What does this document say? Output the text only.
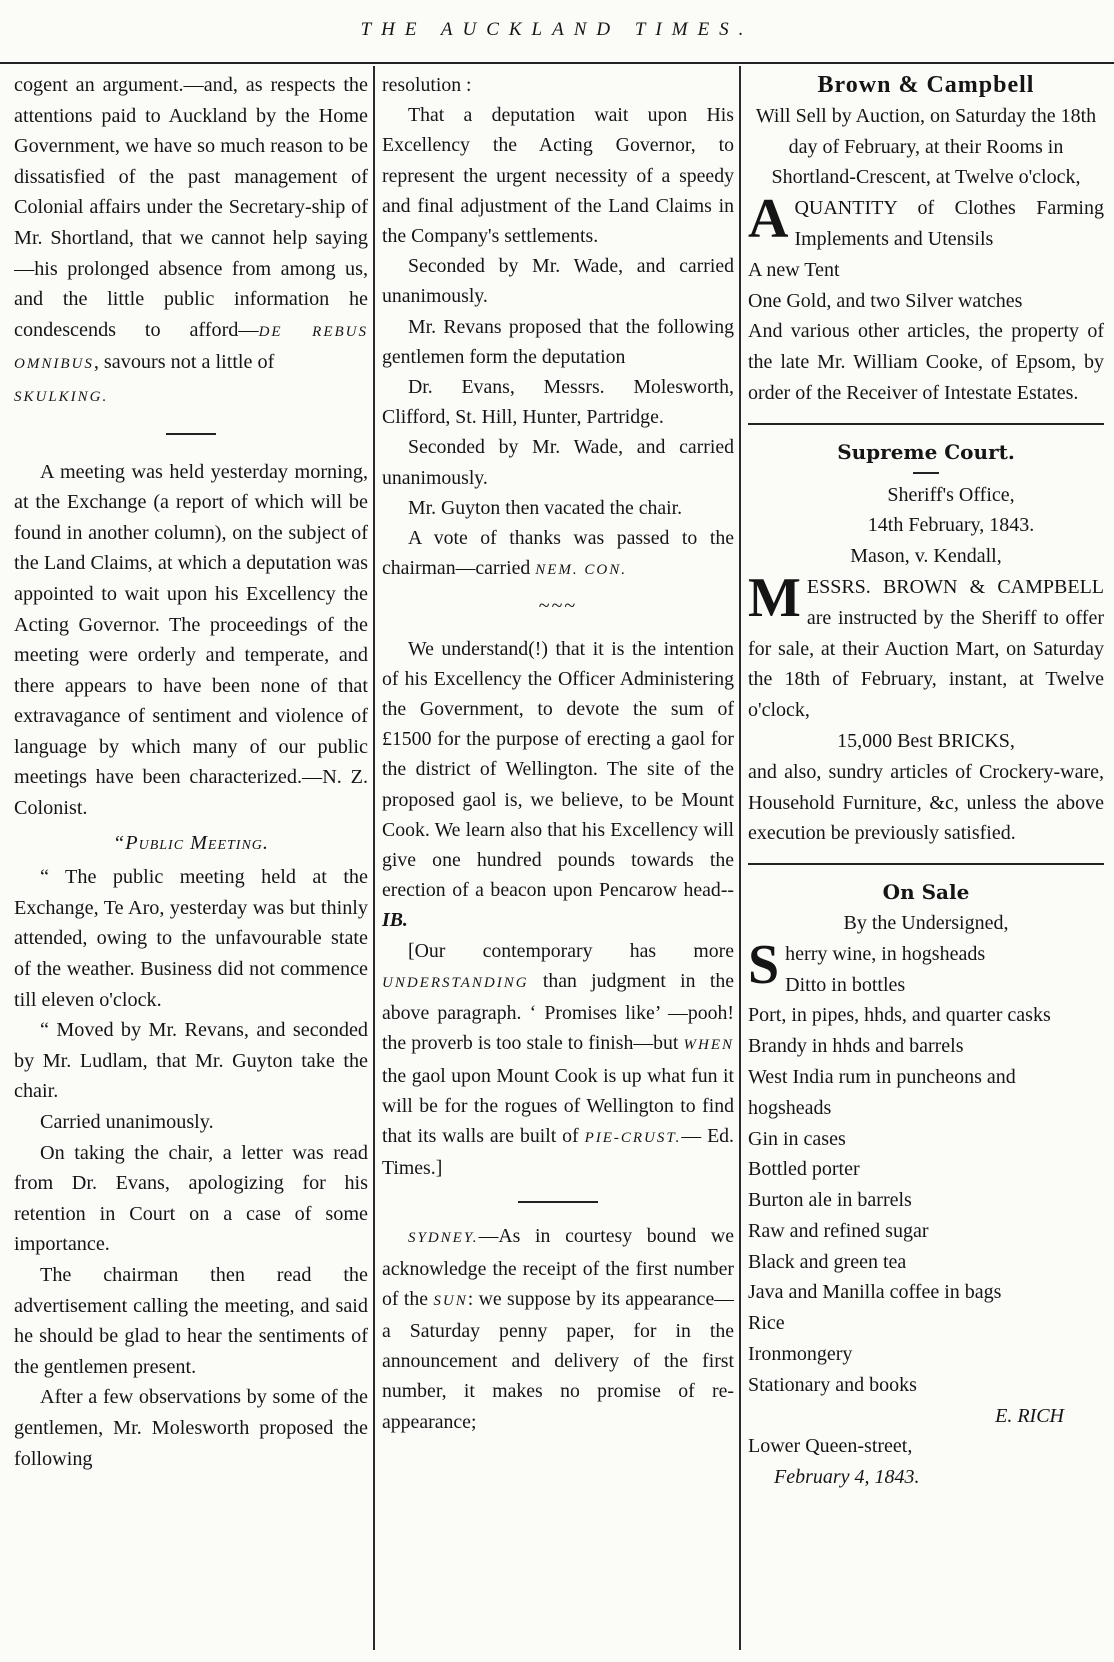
THE AUCKLAND TIMES.

cogent an argument.—and, as respects the attentions paid to Auckland by the Home Government, we have so much reason to be dissatisfied of the past management of Colonial affairs under the Secretary-ship of Mr. Shortland, that we cannot help saying—his prolonged absence from among us, and the little public information he condescends to afford—DE REBUS OMNIBUS, savours not a little of

SKULKING.

A meeting was held yesterday morning, at the Exchange (a report of which will be found in another column), on the subject of the Land Claims, at which a deputation was appointed to wait upon his Excellency the Acting Governor. The proceedings of the meeting were orderly and temperate, and there appears to have been none of that extravagance of sentiment and violence of language by which many of our public meetings have been characterized.—N. Z. Colonist.

“Public Meeting.

“ The public meeting held at the Exchange, Te Aro, yesterday was but thinly attended, owing to the unfavourable state of the weather. Business did not commence till eleven o'clock.

“ Moved by Mr. Revans, and seconded by Mr. Ludlam, that Mr. Guyton take the chair.

Carried unanimously.

On taking the chair, a letter was read from Dr. Evans, apologizing for his retention in Court on a case of some importance.

The chairman then read the advertisement calling the meeting, and said he should be glad to hear the sentiments of the gentlemen present.

After a few observations by some of the gentlemen, Mr. Molesworth proposed the following

resolution :

That a deputation wait upon His Excellency the Acting Governor, to represent the urgent necessity of a speedy and final adjustment of the Land Claims in the Company's settlements.

Seconded by Mr. Wade, and carried unanimously.

Mr. Revans proposed that the following gentlemen form the deputation

Dr. Evans, Messrs. Molesworth, Clifford, St. Hill, Hunter, Partridge.

Seconded by Mr. Wade, and carried unanimously.

Mr. Guyton then vacated the chair.

A vote of thanks was passed to the chairman—carried NEM. CON.

~~~

We understand(!) that it is the intention of his Excellency the Officer Administering the Government, to devote the sum of £1500 for the purpose of erecting a gaol for the district of Wellington. The site of the proposed gaol is, we believe, to be Mount Cook. We learn also that his Excellency will give one hundred pounds towards the erection of a beacon upon Pencarow head--IB.

[Our contemporary has more UNDERSTANDING than judgment in the above paragraph. ‘ Promises like’ —pooh! the proverb is too stale to finish—but WHEN the gaol upon Mount Cook is up what fun it will be for the rogues of Wellington to find that its walls are built of PIE-CRUST.— Ed. Times.]

SYDNEY.—As in courtesy bound we acknowledge the receipt of the first number of the SUN: we suppose by its appearance— a Saturday penny paper, for in the announcement and delivery of the first number, it makes no promise of re-appearance;

Brown & Campbell

Will Sell by Auction, on Saturday the 18th day of February, at their Rooms in Shortland-Crescent, at Twelve o'clock,

AQUANTITY of Clothes Farming Implements and Utensils

A new Tent

One Gold, and two Silver watches

And various other articles, the property of the late Mr. William Cooke, of Epsom, by order of the Receiver of Intestate Estates.

Supreme Court.

Sheriff's Office,

14th February, 1843.

Mason, v. Kendall,

MESSRS. BROWN & CAMPBELL are instructed by the Sheriff to offer for sale, at their Auction Mart, on Saturday the 18th of February, instant, at Twelve o'clock,

15,000 Best BRICKS,

and also, sundry articles of Crockery-ware, Household Furniture, &c, unless the above execution be previously satisfied.

On Sale

By the Undersigned,

Sherry wine, in hogsheads
Ditto in bottles

Port, in pipes, hhds, and quarter casks

Brandy in hhds and barrels

West India rum in puncheons and hogsheads

Gin in cases

Bottled porter

Burton ale in barrels

Raw and refined sugar

Black and green tea

Java and Manilla coffee in bags

Rice

Ironmongery

Stationary and books

E. RICH

Lower Queen-street,

February 4, 1843.
